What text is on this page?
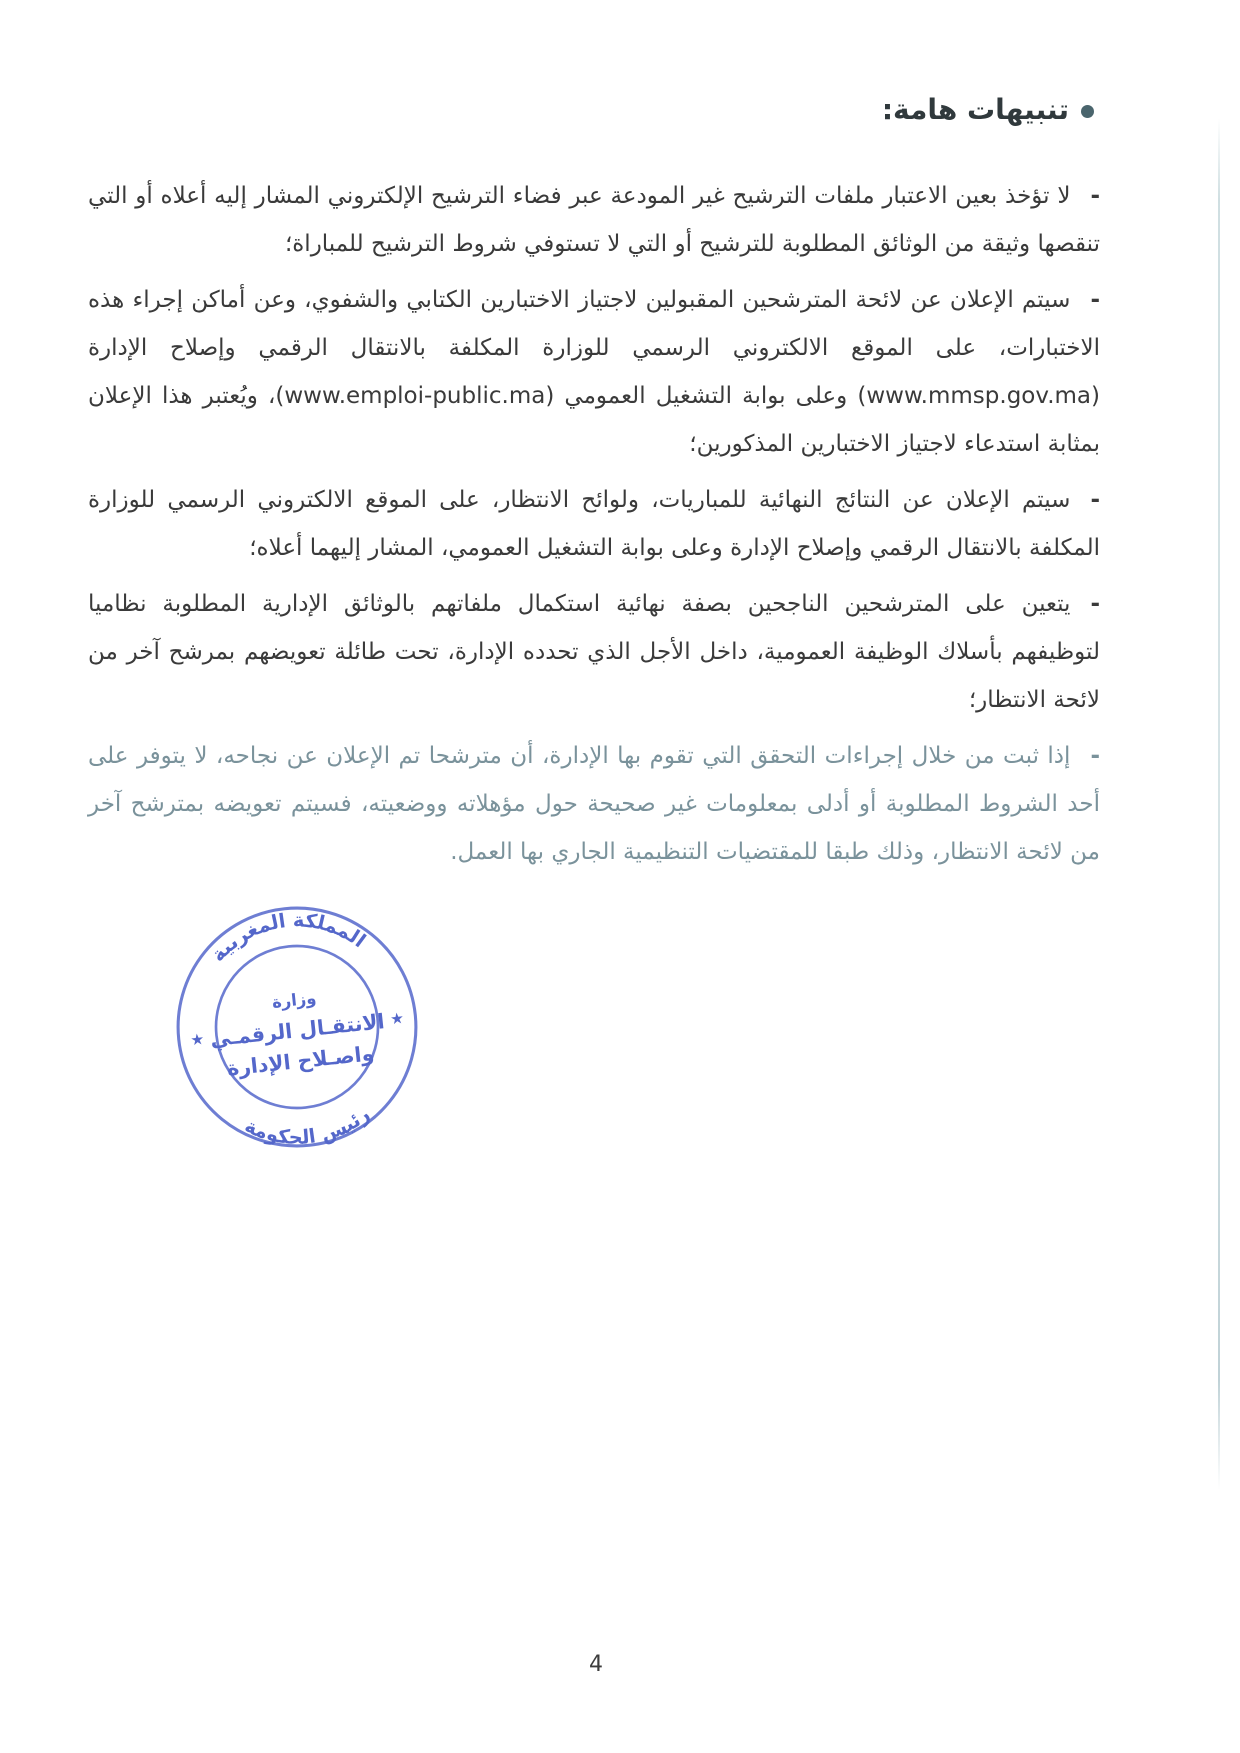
تنبيهات هامة:
-لا تؤخذ بعين الاعتبار ملفات الترشيح غير المودعة عبر فضاء الترشيح الإلكتروني المشار إليه أعلاه أو التي تنقصها وثيقة من الوثائق المطلوبة للترشيح أو التي لا تستوفي شروط الترشيح للمباراة؛
-سيتم الإعلان عن لائحة المترشحين المقبولين لاجتياز الاختبارين الكتابي والشفوي، وعن أماكن إجراء هذه الاختبارات، على الموقع الالكتروني الرسمي للوزارة المكلفة بالانتقال الرقمي وإصلاح الإدارة (www.mmsp.gov.ma) وعلى بوابة التشغيل العمومي (www.emploi-public.ma)، ويُعتبر هذا الإعلان بمثابة استدعاء لاجتياز الاختبارين المذكورين؛
-سيتم الإعلان عن النتائج النهائية للمباريات، ولوائح الانتظار، على الموقع الالكتروني الرسمي للوزارة المكلفة بالانتقال الرقمي وإصلاح الإدارة وعلى بوابة التشغيل العمومي، المشار إليهما أعلاه؛
-يتعين على المترشحين الناجحين بصفة نهائية استكمال ملفاتهم بالوثائق الإدارية المطلوبة نظاميا لتوظيفهم بأسلاك الوظيفة العمومية، داخل الأجل الذي تحدده الإدارة، تحت طائلة تعويضهم بمرشح آخر من لائحة الانتظار؛
-إذا ثبت من خلال إجراءات التحقق التي تقوم بها الإدارة، أن مترشحا تم الإعلان عن نجاحه، لا يتوفر على أحد الشروط المطلوبة أو أدلى بمعلومات غير صحيحة حول مؤهلاته ووضعيته، فسيتم تعويضه بمترشح آخر من لائحة الانتظار، وذلك طبقا للمقتضيات التنظيمية الجاري بها العمل.
المملكة المغربية
رئيس الحكومة
★
★
وزارة
الانتقـال الرقمـي
واصـلاح الإدارة
4
